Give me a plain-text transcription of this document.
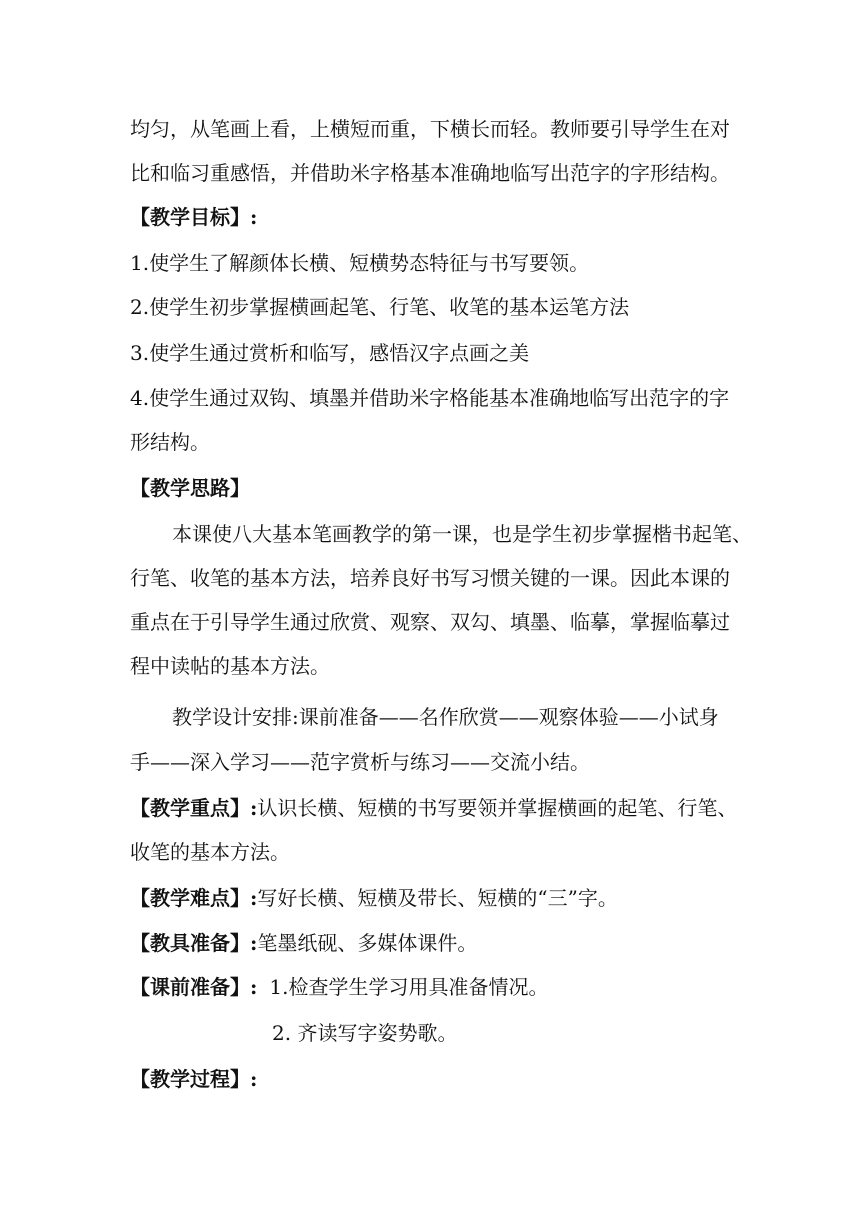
均匀，从笔画上看，上横短而重，下横长而轻。教师要引导学生在对
比和临习重感悟，并借助米字格基本准确地临写出范字的字形结构。
【教学目标】:
1.使学生了解颜体长横、短横势态特征与书写要领。
2.使学生初步掌握横画起笔、行笔、收笔的基本运笔方法
3.使学生通过赏析和临写，感悟汉字点画之美
4.使学生通过双钩、填墨并借助米字格能基本准确地临写出范字的字
形结构。
【教学思路】
本课使八大基本笔画教学的第一课，也是学生初步掌握楷书起笔、
行笔、收笔的基本方法，培养良好书写习惯关键的一课。因此本课的
重点在于引导学生通过欣赏、观察、双勾、填墨、临摹，掌握临摹过
程中读帖的基本方法。
教学设计安排:课前准备——名作欣赏——观察体验——小试身
手——深入学习——范字赏析与练习——交流小结。
【教学重点】:认识长横、短横的书写要领并掌握横画的起笔、行笔、
收笔的基本方法。
【教学难点】:写好长横、短横及带长、短横的“三”字。
【教具准备】:笔墨纸砚、多媒体课件。
【课前准备】: 1.检查学生学习用具准备情况。
2. 齐读写字姿势歌。
【教学过程】:
